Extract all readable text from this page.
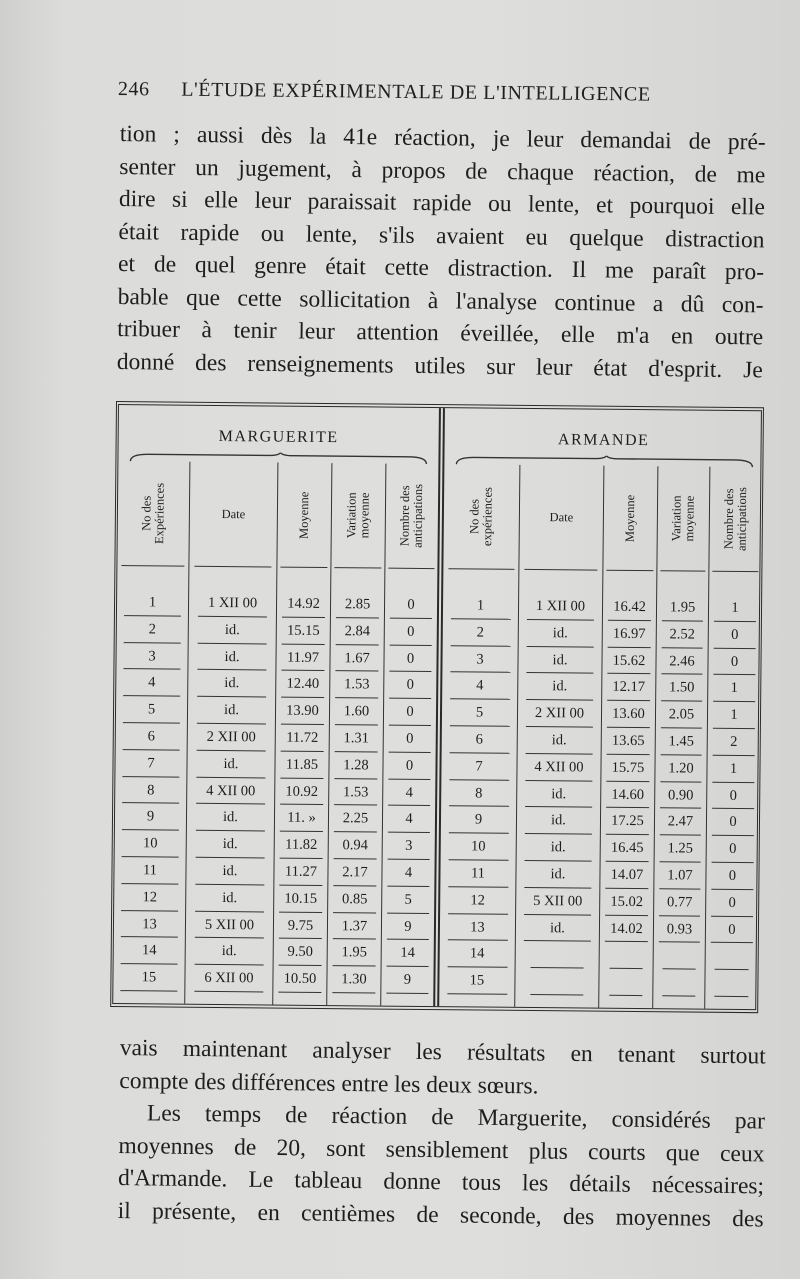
246 L'ÉTUDE EXPÉRIMENTALE DE L'INTELLIGENCE
tion ; aussi dès la 41e réaction, je leur demandai de pré-
senter un jugement, à propos de chaque réaction, de me
dire si elle leur paraissait rapide ou lente, et pourquoi elle
était rapide ou lente, s'ils avaient eu quelque distraction
et de quel genre était cette distraction. Il me paraît pro-
bable que cette sollicitation à l'analyse continue a dû con-
tribuer à tenir leur attention éveillée, elle m'a en outre
donné des renseignements utiles sur leur état d'esprit. Je
MARGUERITE
No des Expériences
1
2
3
4
5
6
7
8
9
10
11
12
13
14
15
Date
1 XII 00
id.
id.
id.
id.
2 XII 00
id.
4 XII 00
id.
id.
id.
id.
5 XII 00
id.
6 XII 00
Moyenne
14.92
15.15
11.97
12.40
13.90
11.72
11.85
10.92
11. »
11.82
11.27
10.15
9.75
9.50
10.50
Variation moyenne
2.85
2.84
1.67
1.53
1.60
1.31
1.28
1.53
2.25
0.94
2.17
0.85
1.37
1.95
1.30
Nombre des anticipations
0
0
0
0
0
0
0
4
4
3
4
5
9
14
9
ARMANDE
No des expériences
1
2
3
4
5
6
7
8
9
10
11
12
13
14
15
Date
1 XII 00
id.
id.
id.
2 XII 00
id.
4 XII 00
id.
id.
id.
id.
5 XII 00
id.
Moyenne
16.42
16.97
15.62
12.17
13.60
13.65
15.75
14.60
17.25
16.45
14.07
15.02
14.02
Variation moyenne
1.95
2.52
2.46
1.50
2.05
1.45
1.20
0.90
2.47
1.25
1.07
0.77
0.93
Nombre des anticipations
1
0
0
1
1
2
1
0
0
0
0
0
0
vais maintenant analyser les résultats en tenant surtout
compte des différences entre les deux sœurs.
Les temps de réaction de Marguerite, considérés par
moyennes de 20, sont sensiblement plus courts que ceux
d'Armande. Le tableau donne tous les détails nécessaires;
il présente, en centièmes de seconde, des moyennes des
